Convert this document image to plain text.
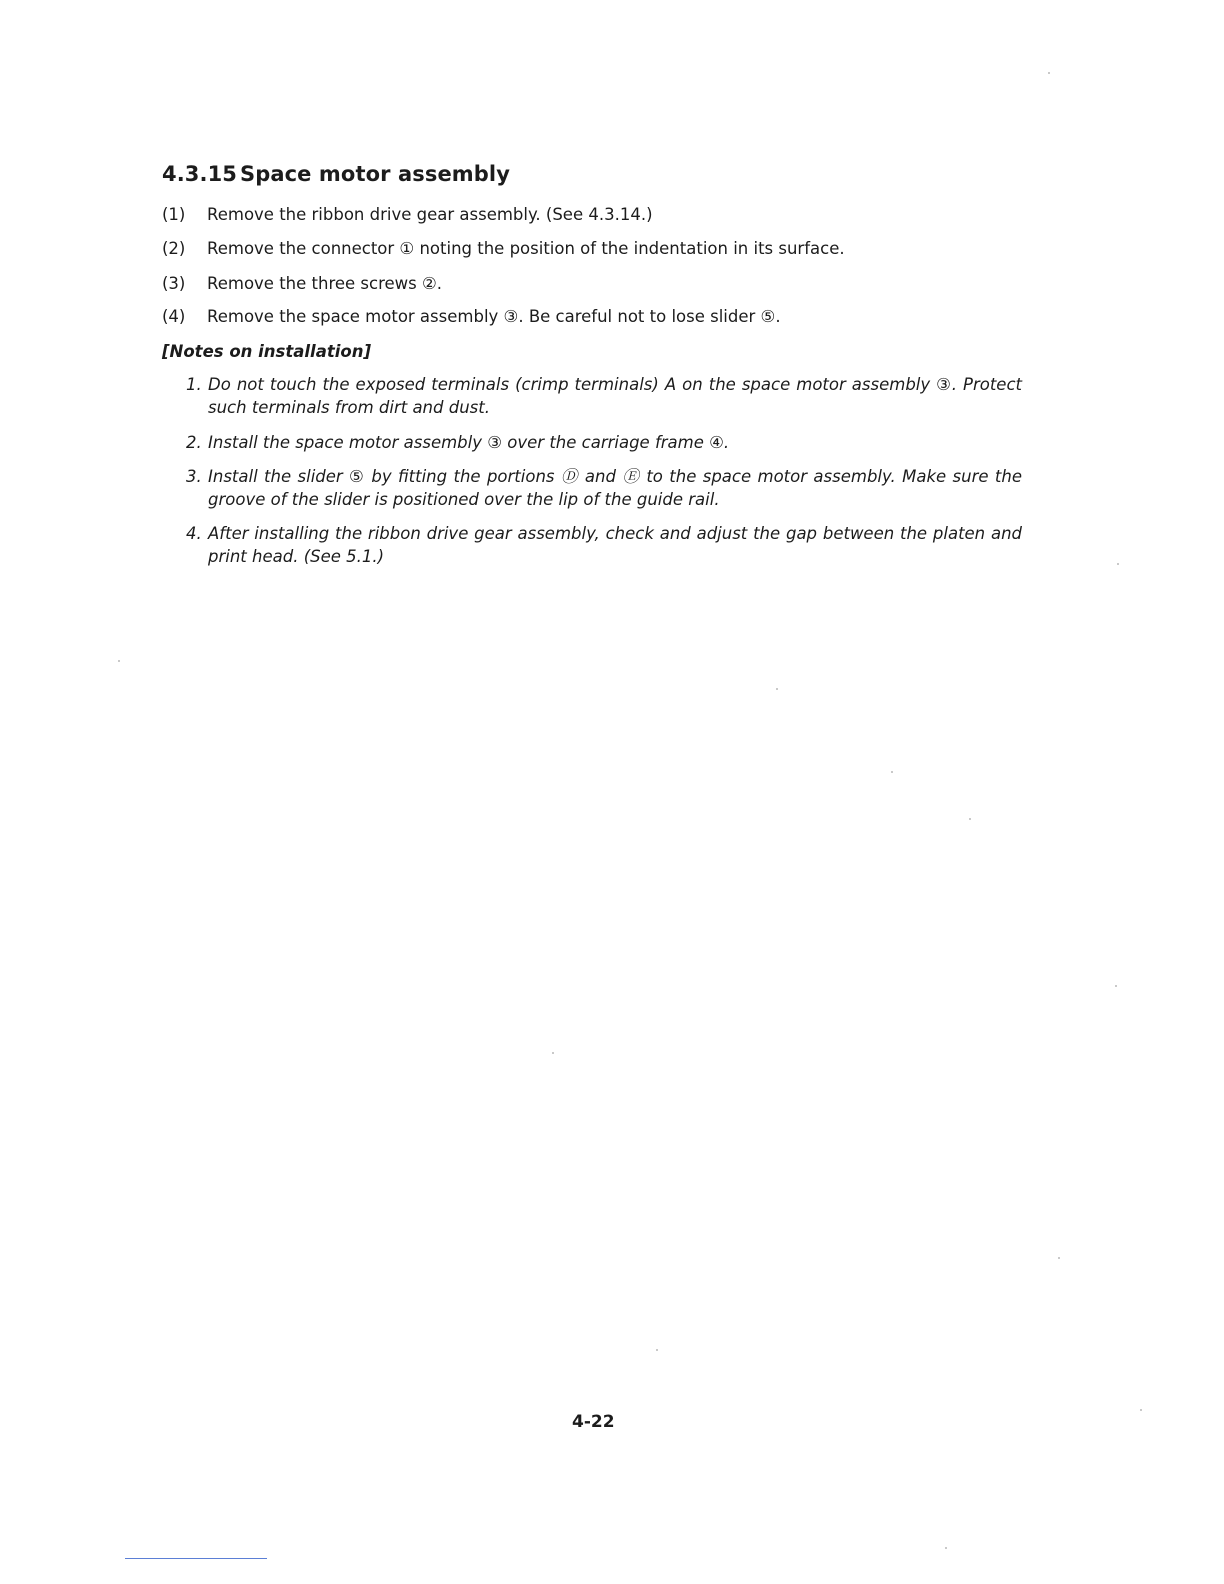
4.3.15 Space motor assembly
(1) Remove the ribbon drive gear assembly. (See 4.3.14.)
(2) Remove the connector ① noting the position of the indentation in its surface.
(3) Remove the three screws ②.
(4) Remove the space motor assembly ③. Be careful not to lose slider ⑤.
[Notes on installation]
1. Do not touch the exposed terminals (crimp terminals) A on the space motor assembly ③. Protect such terminals from dirt and dust.
2. Install the space motor assembly ③ over the carriage frame ④.
3. Install the slider ⑤ by fitting the portions Ⓓ and Ⓔ to the space motor assembly. Make sure the groove of the slider is positioned over the lip of the guide rail.
4. After installing the ribbon drive gear assembly, check and adjust the gap between the platen and print head. (See 5.1.)
4-22
